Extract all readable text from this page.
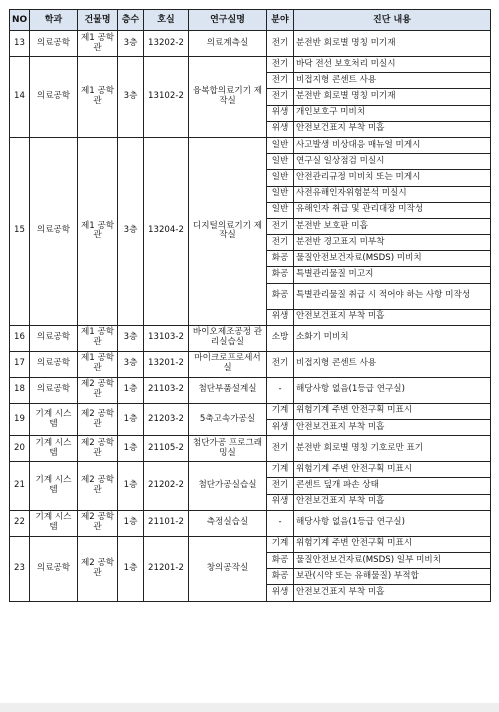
NO	학과	건물명	층수	호실	연구실명	분야	진단 내용
13	의료공학	제1 공학관	3층	13202-2	의료계측실	전기	분전반 회로별 명칭 미기재
14	의료공학	제1 공학관	3층	13102-2	융복합의료기기 제작실	전기	바닥 전선 보호처리 미실시
						전기	비접지형 콘센트 사용
						전기	분전반 회로별 명칭 미기재
						위생	개인보호구 미비치
						위생	안전보건표지 부착 미흡
15	의료공학	제1 공학관	3층	13204-2	디지털의료기기 제작실	일반	사고발생 비상대응 매뉴얼 미게시
						일반	연구실 일상점검 미실시
						일반	안전관리규정 미비치 또는 미게시
						일반	사전유해인자위험분석 미실시
						일반	유해인자 취급 및 관리대장 미작성
						전기	분전반 보호판 미흡
						전기	분전반 경고표지 미부착
						화공	물질안전보건자료(MSDS) 미비치
						화공	특별관리물질 미고지
						화공	특별관리물질 취급 시 적어야 하는 사항 미작성
						위생	안전보건표지 부착 미흡
16	의료공학	제1 공학관	3층	13103-2	바이오제조공정 관리실습실	소방	소화기 미비치
17	의료공학	제1 공학관	3층	13201-2	마이크로프로세서 실	전기	비접지형 콘센트 사용
18	의료공학	제2 공학관	1층	21103-2	첨단부품설계실	-	해당사항 없음(1등급 연구실)
19	기계 시스템	제2 공학관	1층	21203-2	5축고속가공실	기계	위험기계 주변 안전구획 미표시
						위생	안전보건표지 부착 미흡
20	기계 시스템	제2 공학관	1층	21105-2	첨단가공 프로그래밍실	전기	분전반 회로별 명칭 기호로만 표기
21	기계 시스템	제2 공학관	1층	21202-2	첨단가공실습실	기계	위험기계 주변 안전구획 미표시
						전기	콘센트 덮개 파손 상태
						위생	안전보건표지 부착 미흡
22	기계 시스템	제2 공학관	1층	21101-2	측정실습실	-	해당사항 없음(1등급 연구실)
23	의료공학	제2 공학관	1층	21201-2	창의공작실	기계	위험기계 주변 안전구획 미표시
						화공	물질안전보건자료(MSDS) 일부 미비치
						화공	보관(시약 또는 유해물질) 부적합
						위생	안전보건표지 부착 미흡
